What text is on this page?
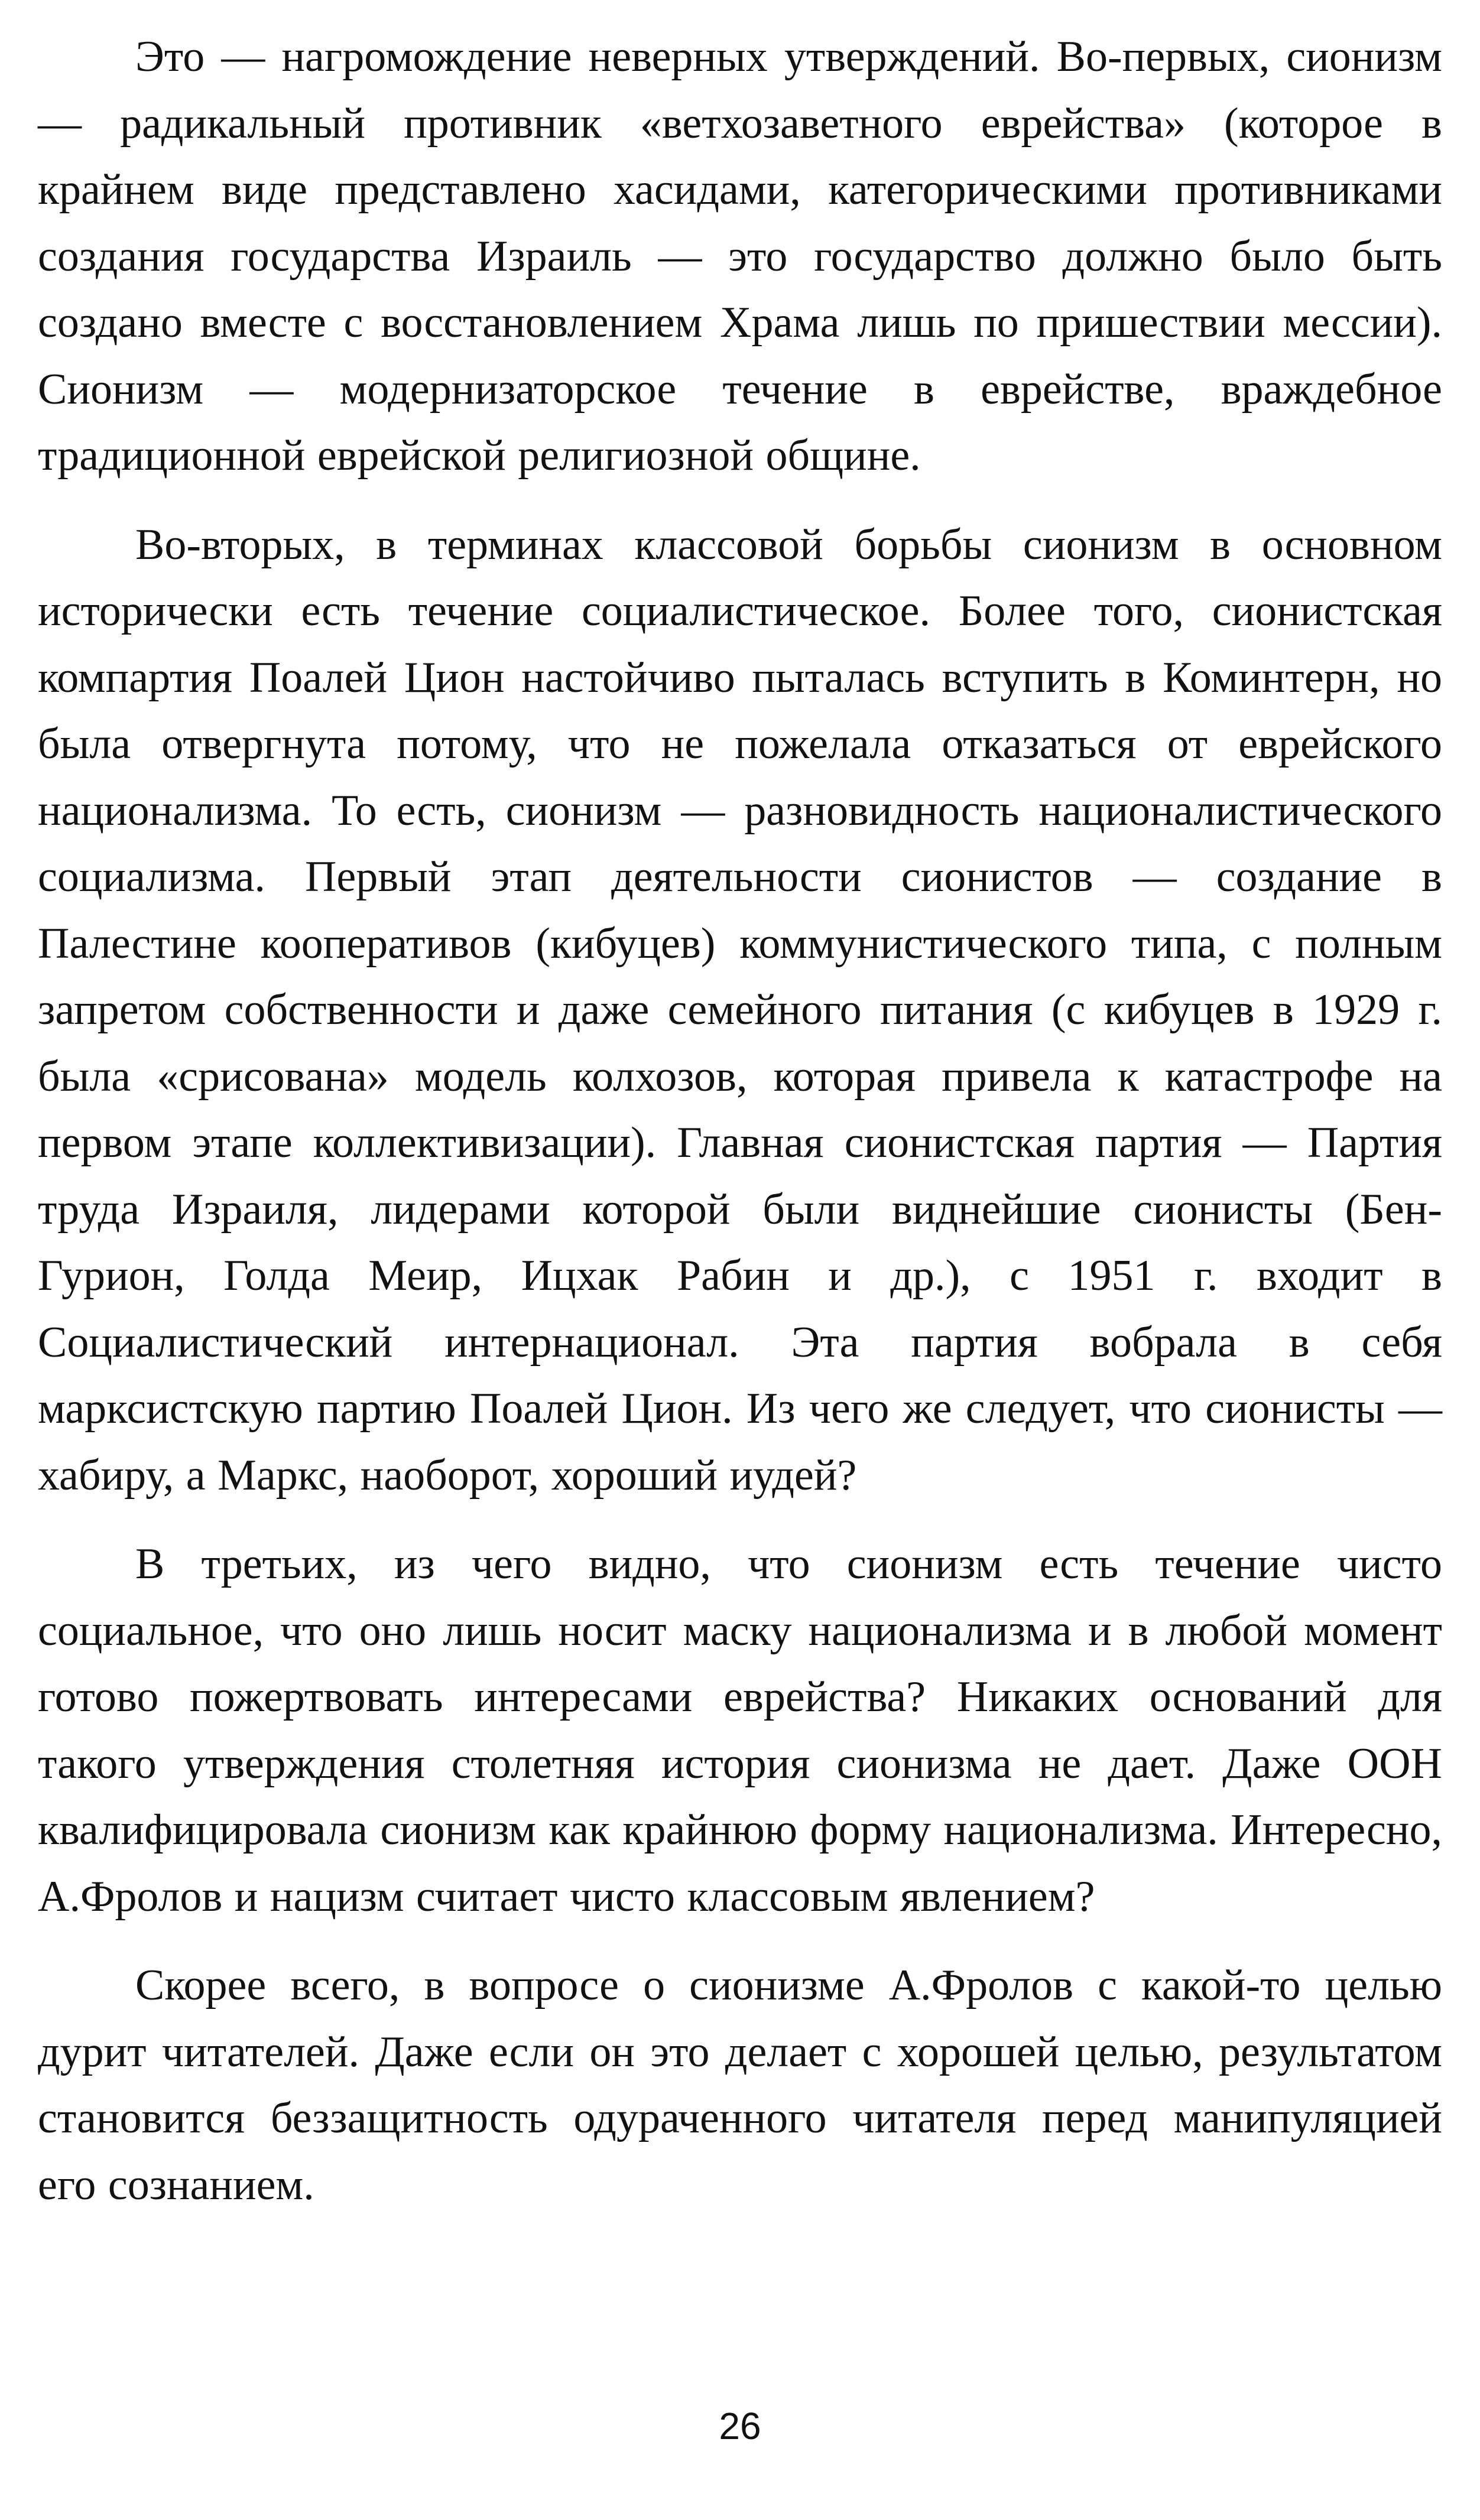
Это — нагромождение неверных утверждений. Во-первых, сионизм — радикальный противник «ветхозаветного еврейства» (которое в крайнем виде представлено хасидами, категорическими противниками создания государства Израиль — это государство должно было быть создано вместе с восстановлением Храма лишь по пришествии мессии). Сионизм — модернизаторское течение в еврействе, враждебное традиционной еврейской религиозной общине.

Во-вторых, в терминах классовой борьбы сионизм в основном исторически есть течение социалистическое. Более того, сионистская компартия Поалей Цион настойчиво пыталась вступить в Коминтерн, но была отвергнута потому, что не пожелала отказаться от еврейского национализма. То есть, сионизм — разновидность националистического социализма. Первый этап деятельности сионистов — создание в Палестине кооперативов (кибуцев) коммунистического типа, с полным запретом собственности и даже семейного питания (с кибуцев в 1929 г. была «срисована» модель колхозов, которая привела к катастрофе на первом этапе коллективизации). Главная сионистская партия — Партия труда Израиля, лидерами которой были виднейшие сионисты (Бен-Гурион, Голда Меир, Ицхак Рабин и др.), с 1951 г. входит в Социалистический интернационал. Эта партия вобрала в себя марксистскую партию Поалей Цион. Из чего же следует, что сионисты — хабиру, а Маркс, наоборот, хороший иудей?

В третьих, из чего видно, что сионизм есть течение чисто социальное, что оно лишь носит маску национализма и в любой момент готово пожертвовать интересами еврейства? Никаких оснований для такого утверждения столетняя история сионизма не дает. Даже ООН квалифицировала сионизм как крайнюю форму национализма. Интересно, А.Фролов и нацизм считает чисто классовым явлением?

Скорее всего, в вопросе о сионизме А.Фролов с какой-то целью дурит читателей. Даже если он это делает с хорошей целью, результатом становится беззащитность одураченного читателя перед манипуляцией его сознанием.

26
